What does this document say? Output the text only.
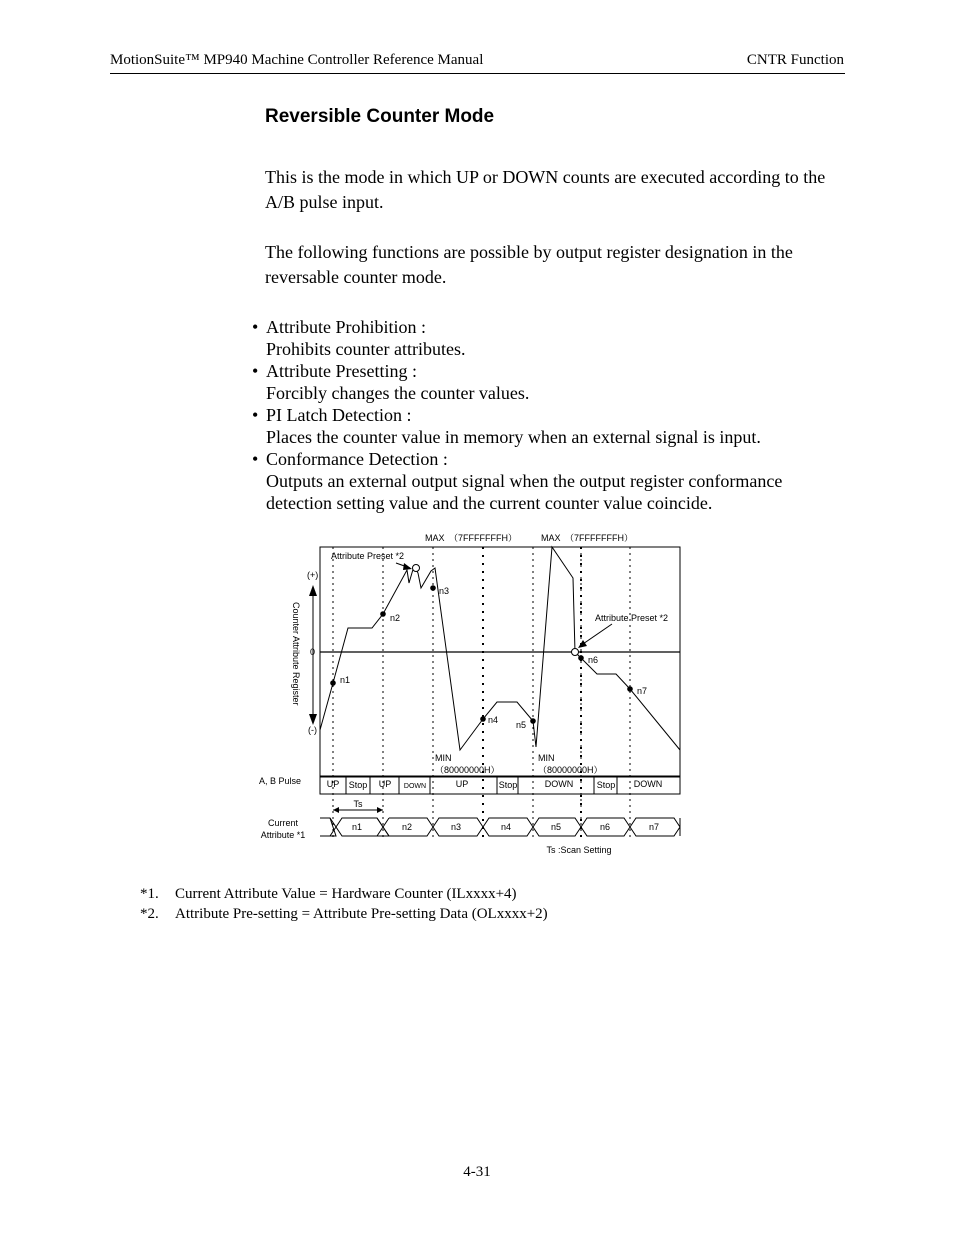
MotionSuite™ MP940 Machine Controller Reference Manual	CNTR Function
Reversible Counter Mode

This is the mode in which UP or DOWN counts are executed according to the A/B pulse input.

The following functions are possible by output register designation in the reversable counter mode.

• Attribute Prohibition :
Prohibits counter attributes.
• Attribute Presetting :
Forcibly changes the counter values.
• PI Latch Detection :
Places the counter value in memory when an external signal is input.
• Conformance Detection :
Outputs an external output signal when the output register conformance detection setting value and the current counter value coincide.
MAX　（7FFFFFFFH）	MAX　（7FFFFFFFH）
Attribute Preset *2
Attribute Preset *2
(+)
0
(-)
Counter Attribute Register	n1
n2
n3
n4 n5
n6
n7
MIN
（80000000H）
MIN
（80000000H）
A, B Pulse	UP Stop UP DOWN	UP	Stop	DOWN	Stop DOWN
Ts
Current
Attribute *1
n1	n2	n3	n4	n5	n6	n7
Ts :Scan Setting
*1. Current Attribute Value = Hardware Counter (ILxxxx+4)
*2. Attribute Pre-setting = Attribute Pre-setting Data (OLxxxx+2)
4-31
